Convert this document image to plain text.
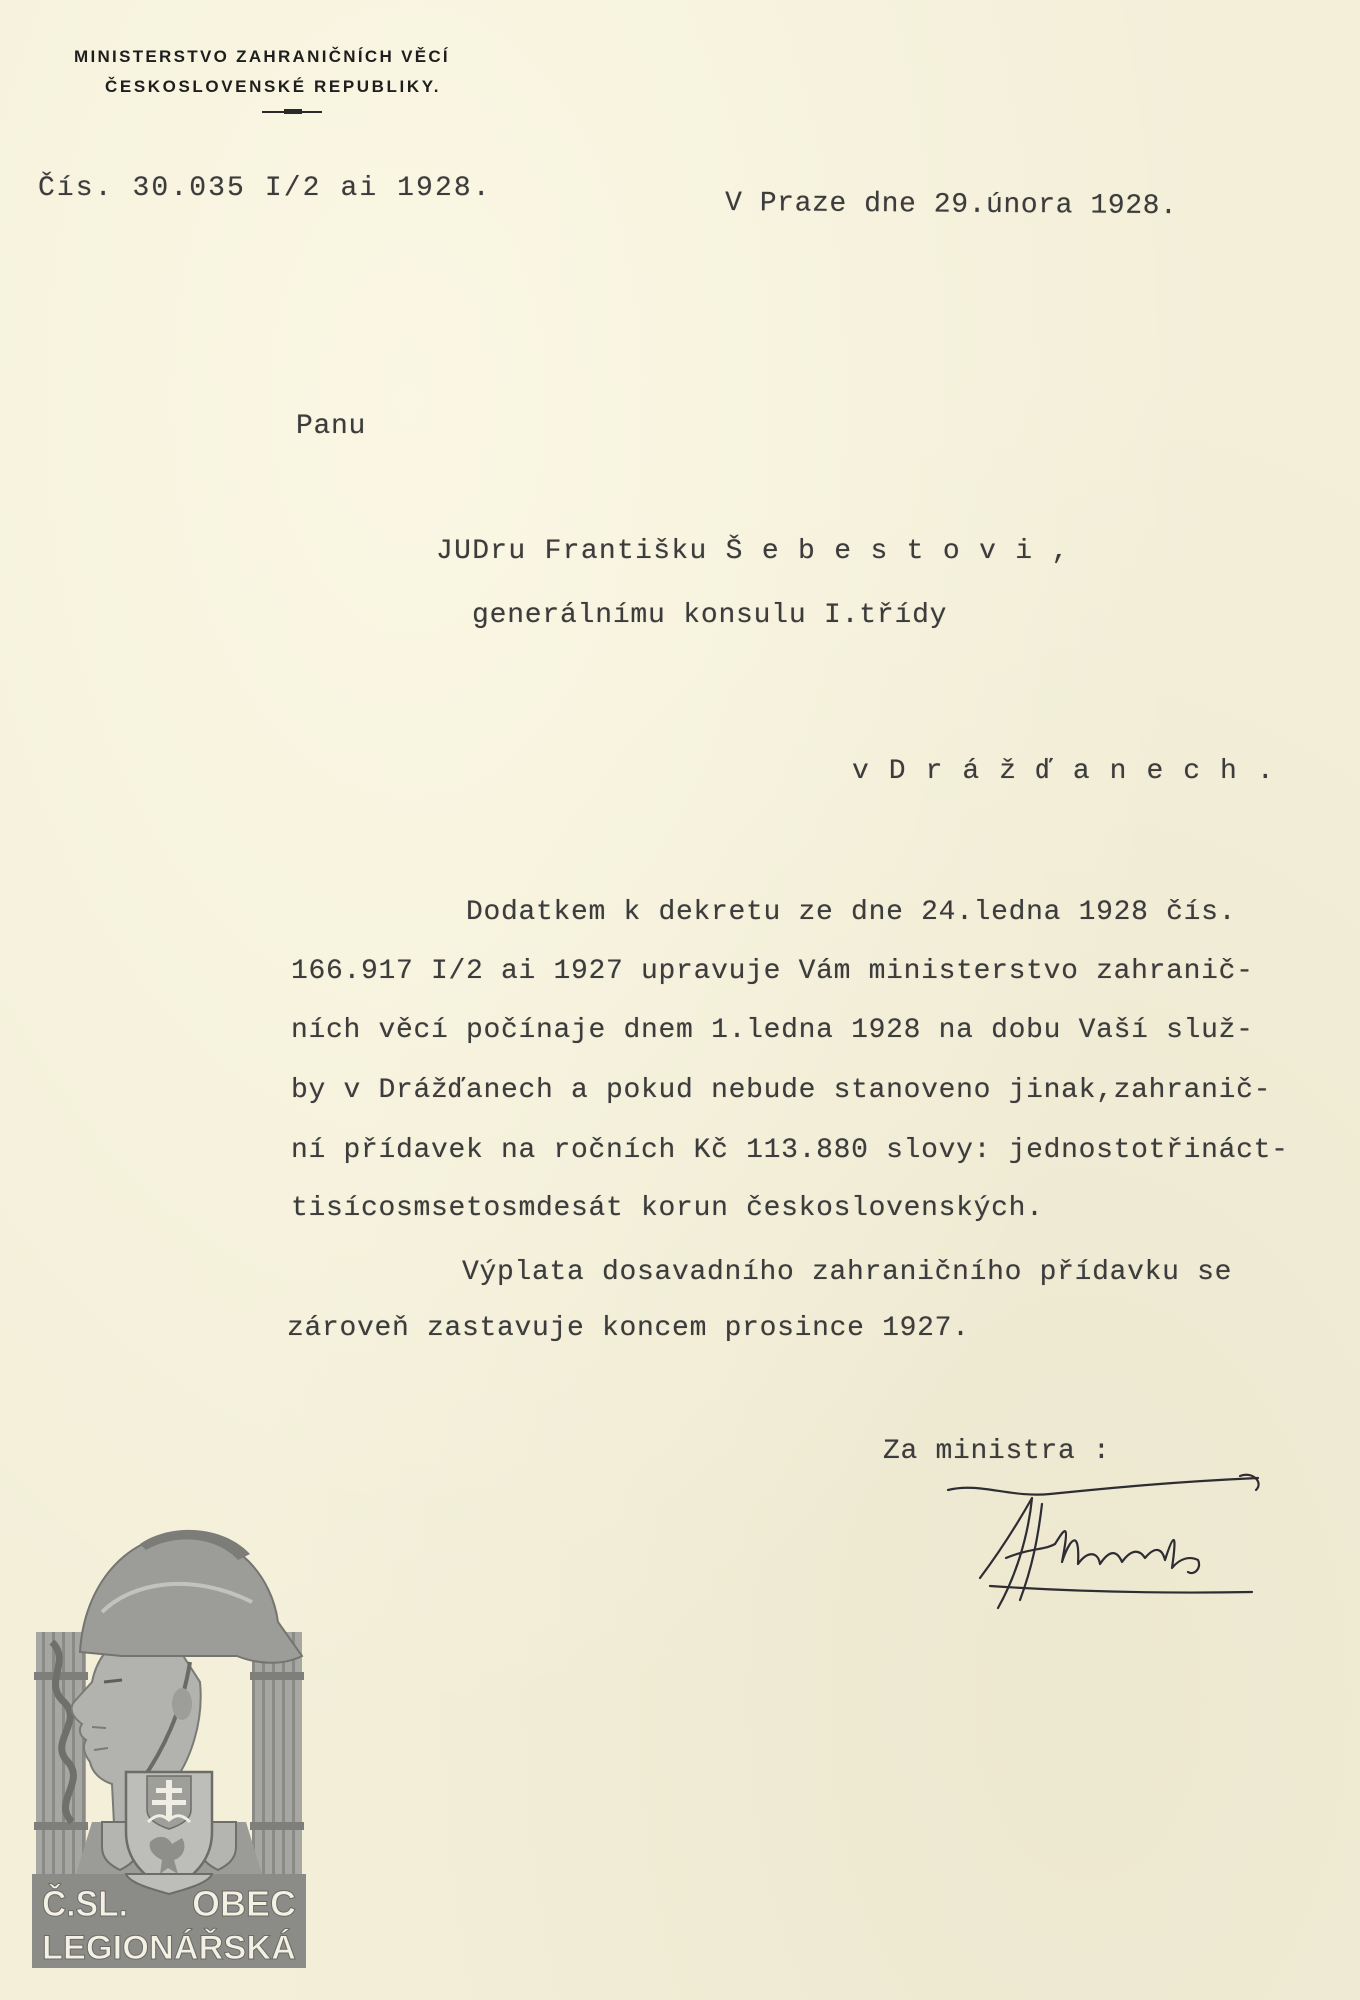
MINISTERSTVO ZAHRANIČNÍCH VĚCÍ
ČESKOSLOVENSKÉ REPUBLIKY.
Čís. 30.035 I/2 ai 1928.	V Praze dne 29.února 1928.
Panu
JUDru Františku Š e b e s t o v i ,
generálnímu konsulu I.třídy
v D r á ž ď a n e c h .
Dodatkem k dekretu ze dne 24.ledna 1928 čís.
166.917 I/2 ai 1927 upravuje Vám ministerstvo zahranič-
ních věcí počínaje dnem 1.ledna 1928 na dobu Vaší služ-
by v Drážďanech a pokud nebude stanoveno jinak,zahranič-
ní přídavek na ročních Kč 113.880 slovy: jednostotřináct-
tisícosmsetosmdesát korun československých.
Výplata dosavadního zahraničního přídavku se
zároveň zastavuje koncem prosince 1927.
Za ministra :
Č.SL. OBEC
LEGIONÁŘSKÁ
